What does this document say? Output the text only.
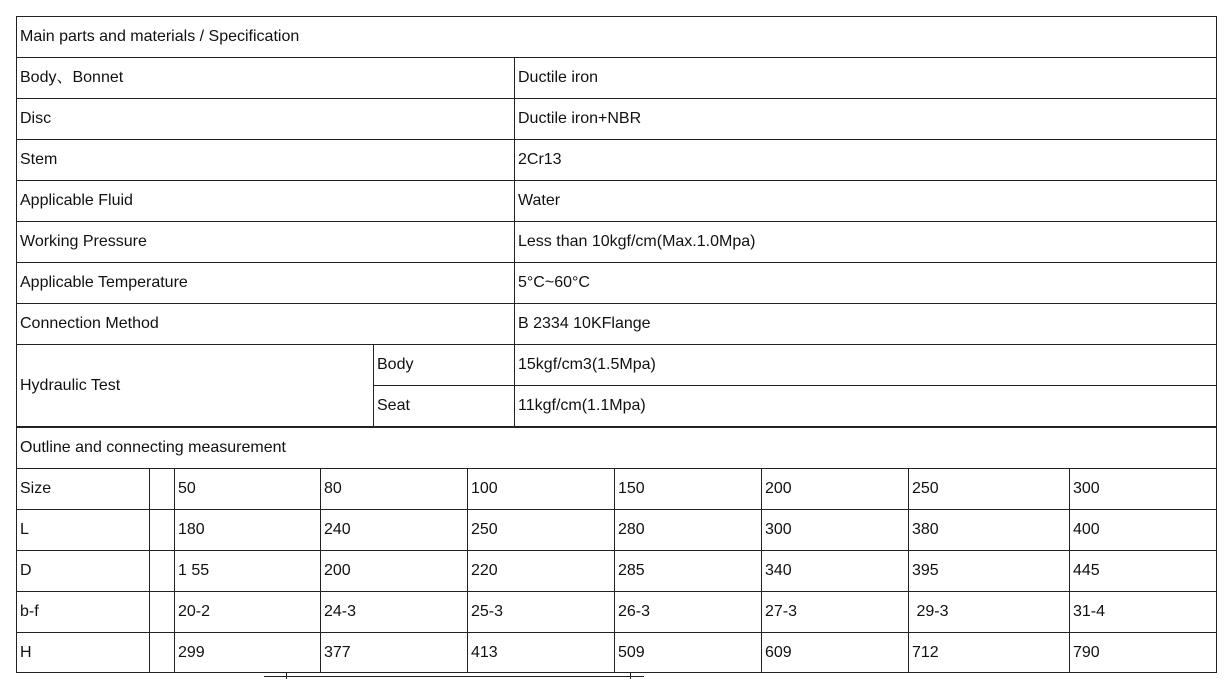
Main parts and materials / Specification
Body、Bonnet	Ductile iron
Disc	Ductile iron+NBR
Stem	2Cr13
Applicable Fluid	Water
Working Pressure	Less than 10kgf/cm(Max.1.0Mpa)
Applicable Temperature	5°C~60°C
Connection Method	B 2334 10KFlange
Hydraulic Test
Body	15kgf/cm3(1.5Mpa)
Seat	11kgf/cm(1.1Mpa)
Outline and connecting measurement
Size	50	80	100	150	200	250	300
L	180	240	250	280	300	380	400
D	1 55	200	220	285	340	395	445
b-f	20-2	24-3	25-3	26-3	27-3	29-3	31-4
H	299	377	413	509	609	712	790
